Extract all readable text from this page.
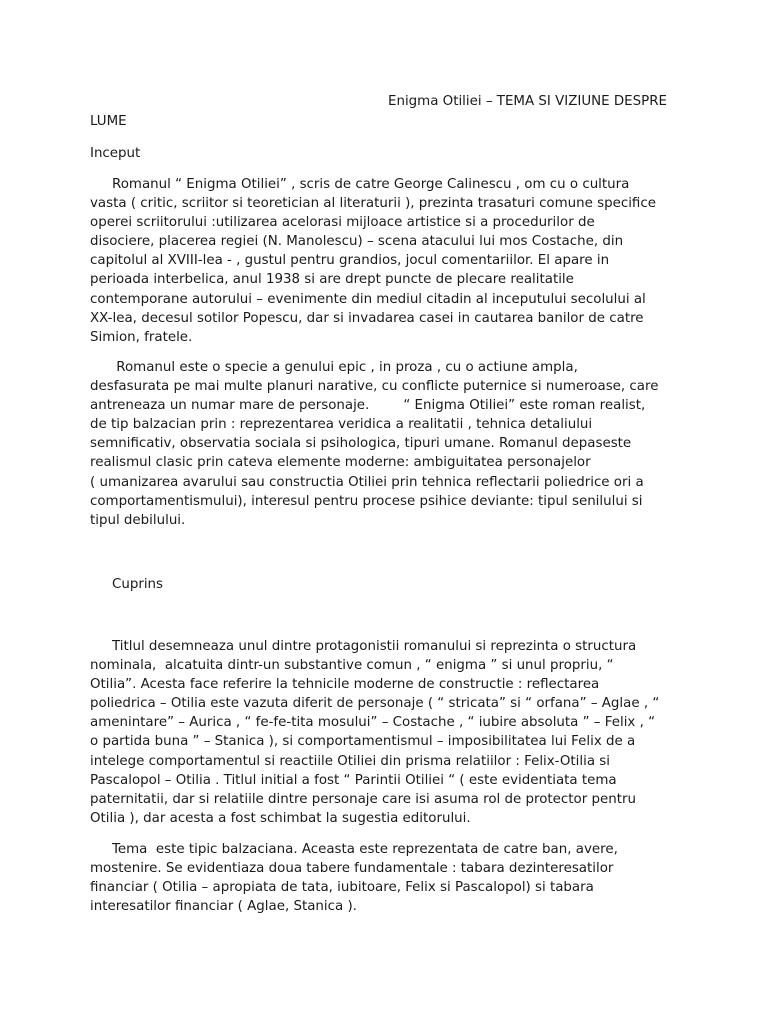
Enigma Otiliei – TEMA SI VIZIUNE DESPRE
LUME
Inceput

Romanul “ Enigma Otiliei” , scris de catre George Calinescu , om cu o cultura
vasta ( critic, scriitor si teoretician al literaturii ), prezinta trasaturi comune specifice
operei scriitorului :utilizarea acelorasi mijloace artistice si a procedurilor de
disociere, placerea regiei (N. Manolescu) – scena atacului lui mos Costache, din
capitolul al XVIII-lea - , gustul pentru grandios, jocul comentariilor. El apare in
perioada interbelica, anul 1938 si are drept puncte de plecare realitatile
contemporane autorului – evenimente din mediul citadin al inceputului secolului al
XX-lea, decesul sotilor Popescu, dar si invadarea casei in cautarea banilor de catre
Simion, fratele.

Romanul este o specie a genului epic , in proza , cu o actiune ampla,
desfasurata pe mai multe planuri narative, cu conflicte puternice si numeroase, care
antreneaza un numar mare de personaje.        “ Enigma Otiliei” este roman realist,
de tip balzacian prin : reprezentarea veridica a realitatii , tehnica detaliului
semnificativ, observatia sociala si psihologica, tipuri umane. Romanul depaseste
realismul clasic prin cateva elemente moderne: ambiguitatea personajelor
( umanizarea avarului sau constructia Otiliei prin tehnica reflectarii poliedrice ori a
comportamentismului), interesul pentru procese psihice deviante: tipul senilului si
tipul debilului.

Cuprins

Titlul desemneaza unul dintre protagonistii romanului si reprezinta o structura
nominala,  alcatuita dintr-un substantive comun , “ enigma ” si unul propriu, “
Otilia”. Acesta face referire la tehnicile moderne de constructie : reflectarea
poliedrica – Otilia este vazuta diferit de personaje ( “ stricata” si “ orfana” – Aglae , “
amenintare” – Aurica , “ fe-fe-tita mosului” – Costache , “ iubire absoluta ” – Felix , “
o partida buna ” – Stanica ), si comportamentismul – imposibilitatea lui Felix de a
intelege comportamentul si reactiile Otiliei din prisma relatiilor : Felix-Otilia si
Pascalopol – Otilia . Titlul initial a fost “ Parintii Otiliei “ ( este evidentiata tema
paternitatii, dar si relatiile dintre personaje care isi asuma rol de protector pentru
Otilia ), dar acesta a fost schimbat la sugestia editorului.

Tema  este tipic balzaciana. Aceasta este reprezentata de catre ban, avere,
mostenire. Se evidentiaza doua tabere fundamentale : tabara dezinteresatilor
financiar ( Otilia – apropiata de tata, iubitoare, Felix si Pascalopol) si tabara
interesatilor financiar ( Aglae, Stanica ).
